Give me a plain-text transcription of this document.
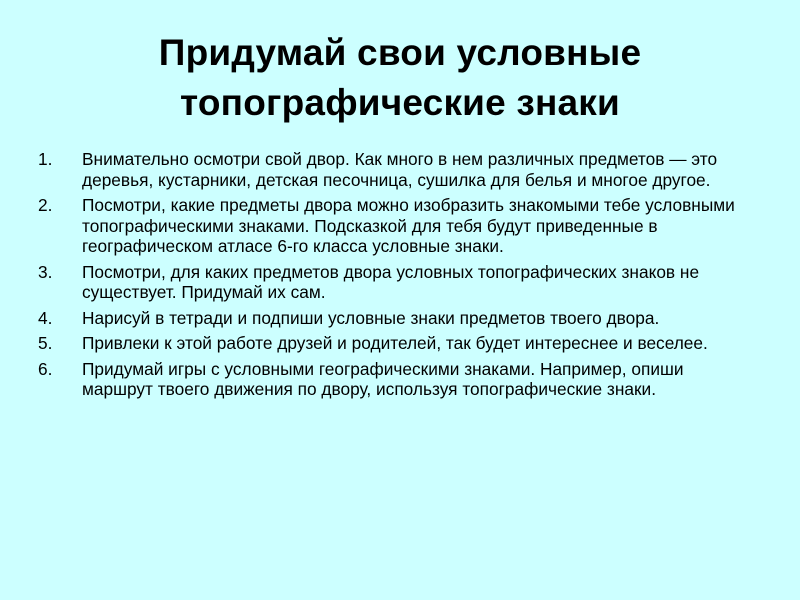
Придумай свои условные
топографические знаки
1.	Внимательно осмотри свой двор. Как много в нем различных предметов — это деревья, кустарники, детская песочница, сушилка для белья и многое другое.
2.	Посмотри, какие предметы двора можно изобразить знакомыми тебе условными топографическими знаками. Подсказкой для тебя будут приведенные в географическом атласе 6-го класса условные знаки.
3.	Посмотри, для каких предметов двора условных топографических знаков не существует. Придумай их сам.
4.	Нарисуй в тетради и подпиши условные знаки предметов твоего двора.
5.	Привлеки к этой работе друзей и родителей, так будет интереснее и веселее.
6.	Придумай игры с условными географическими знаками. Например, опиши маршрут твоего движения по двору, используя топографические знаки.
